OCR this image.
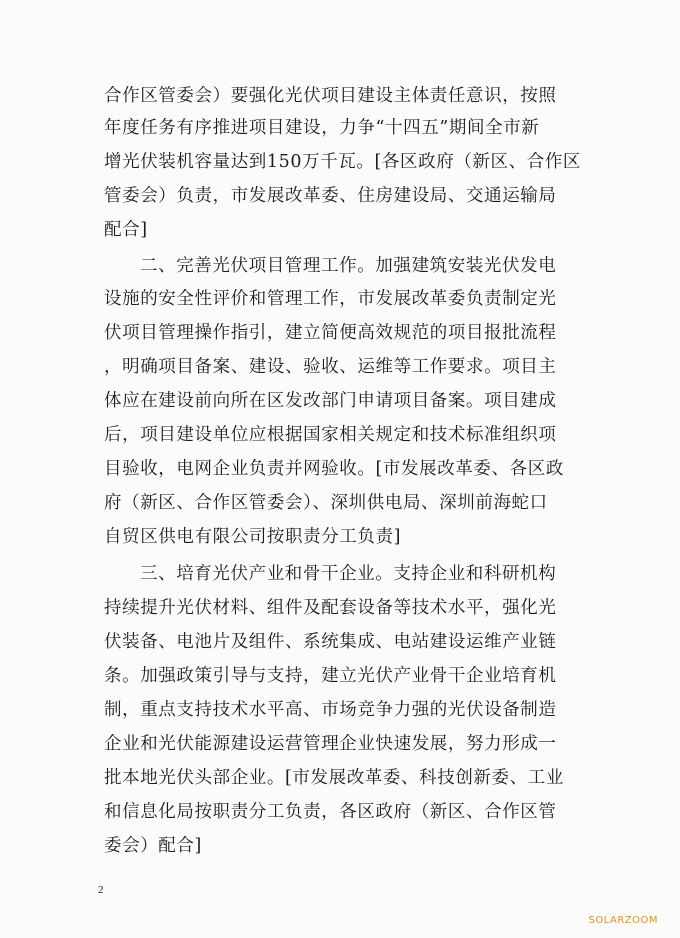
合作区管委会）要强化光伏项目建设主体责任意识，按照
年度任务有序推进项目建设，力争“十四五”期间全市新
增光伏装机容量达到150万千瓦。[各区政府（新区、合作区
管委会）负责，市发展改革委、住房建设局、交通运输局
配合]
二、完善光伏项目管理工作。加强建筑安装光伏发电
设施的安全性评价和管理工作，市发展改革委负责制定光
伏项目管理操作指引，建立简便高效规范的项目报批流程
，明确项目备案、建设、验收、运维等工作要求。项目主
体应在建设前向所在区发改部门申请项目备案。项目建成
后，项目建设单位应根据国家相关规定和技术标准组织项
目验收，电网企业负责并网验收。[市发展改革委、各区政
府（新区、合作区管委会）、深圳供电局、深圳前海蛇口
自贸区供电有限公司按职责分工负责]
三、培育光伏产业和骨干企业。支持企业和科研机构
持续提升光伏材料、组件及配套设备等技术水平，强化光
伏装备、电池片及组件、系统集成、电站建设运维产业链
条。加强政策引导与支持，建立光伏产业骨干企业培育机
制，重点支持技术水平高、市场竞争力强的光伏设备制造
企业和光伏能源建设运营管理企业快速发展，努力形成一
批本地光伏头部企业。[市发展改革委、科技创新委、工业
和信息化局按职责分工负责，各区政府（新区、合作区管
委会）配合]
2
SOLARZOOM
